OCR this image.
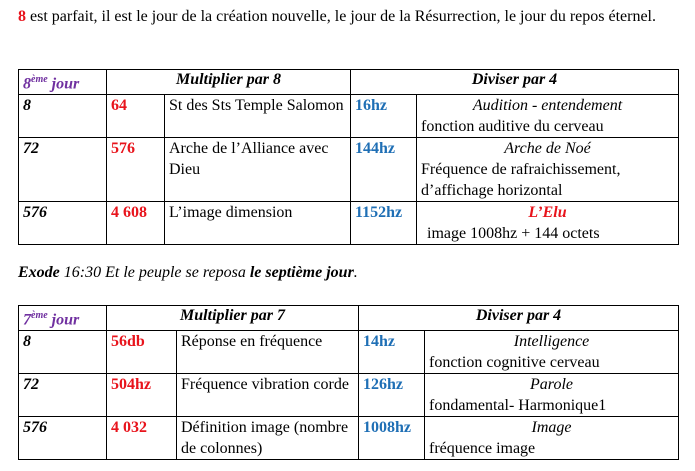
8 est parfait, il est le jour de la création nouvelle, le jour de la Résurrection, le jour du repos éternel.
8ème jour	Multiplier par 8		Diviser par 4	
8	64	St des Sts Temple Salomon	16hz	Audition - entendement
fonction auditive du cerveau

72	576	Arche de l’Alliance avec Dieu	144hz	Arche de Noé
Fréquence de rafraichissement, d’affichage horizontal

576	4 608	L’image dimension	1152hz	L’Elu
image 1008hz + 144 octets
Exode 16:30 Et le peuple se reposa le septième jour.
7ème jour	Multiplier par 7		Diviser par 4	
8	56db	Réponse en fréquence	14hz	Intelligence
fonction cognitive cerveau

72	504hz	Fréquence vibration corde	126hz	Parole
fondamental- Harmonique1

576	4 032	Définition image (nombre de colonnes)	1008hz	Image
fréquence image
